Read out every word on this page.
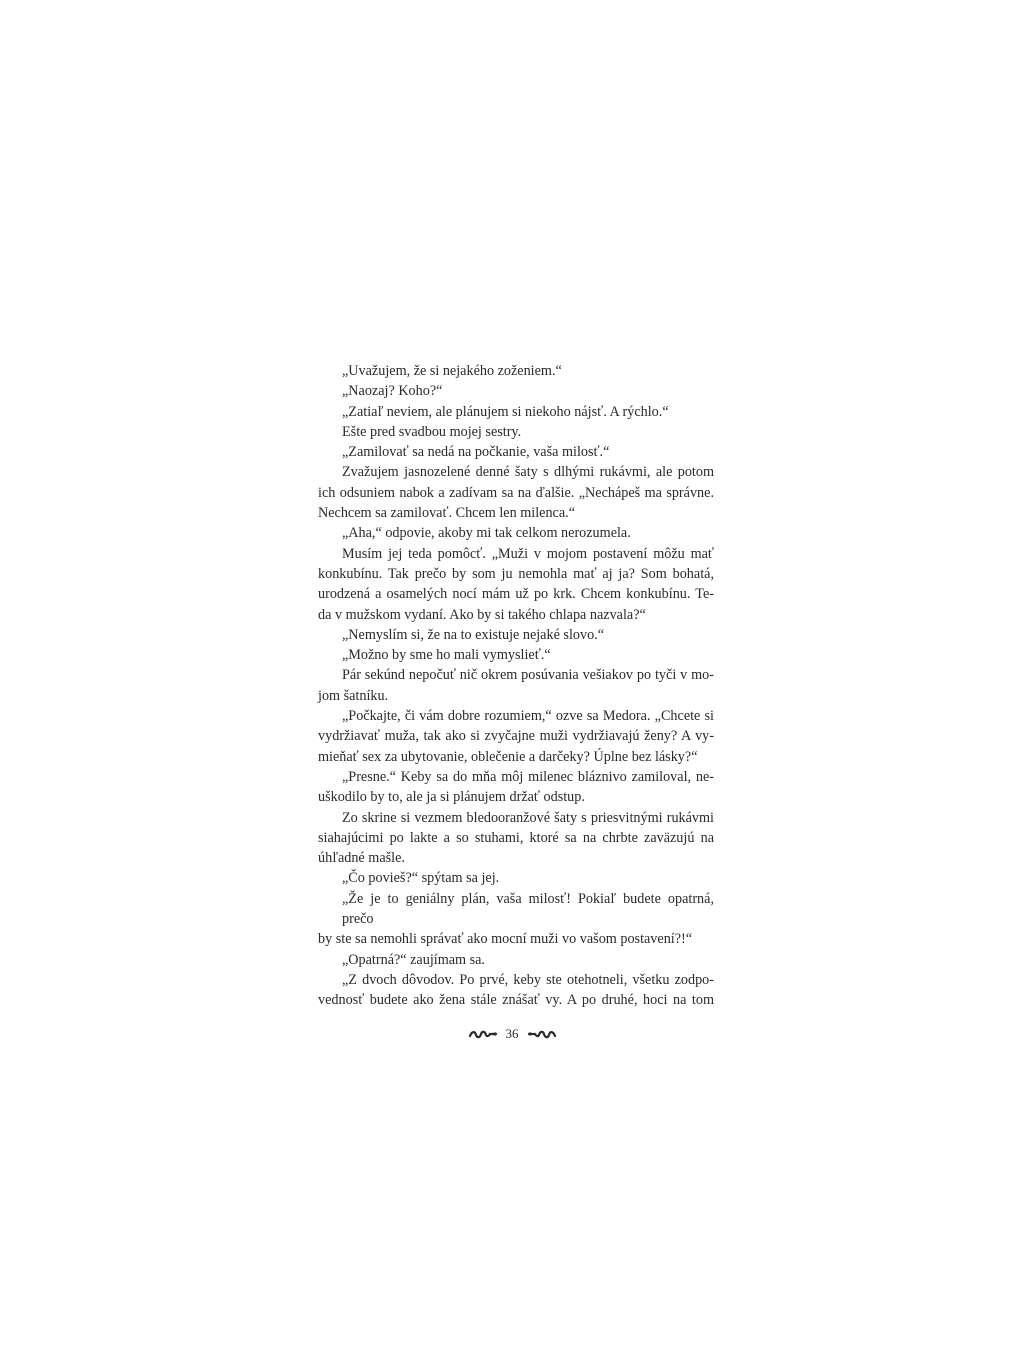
„Uvažujem, že si nejakého zoženiem.“
„Naozaj? Koho?“
„Zatiaľ neviem, ale plánujem si niekoho nájsť. A rýchlo.“
Ešte pred svadbou mojej sestry.
„Zamilovať sa nedá na počkanie, vaša milosť.“
Zvažujem jasnozelené denné šaty s dlhými rukávmi, ale potom
ich odsuniem nabok a zadívam sa na ďalšie. „Nechápeš ma správne.
Nechcem sa zamilovať. Chcem len milenca.“
„Aha,“ odpovie, akoby mi tak celkom nerozumela.
Musím jej teda pomôcť. „Muži v mojom postavení môžu mať
konkubínu. Tak prečo by som ju nemohla mať aj ja? Som bohatá,
urodzená a osamelých nocí mám už po krk. Chcem konkubínu. Te-
da v mužskom vydaní. Ako by si takého chlapa nazvala?“
„Nemyslím si, že na to existuje nejaké slovo.“
„Možno by sme ho mali vymyslieť.“
Pár sekúnd nepočuť nič okrem posúvania vešiakov po tyči v mo-
jom šatníku.
„Počkajte, či vám dobre rozumiem,“ ozve sa Medora. „Chcete si
vydržiavať muža, tak ako si zvyčajne muži vydržiavajú ženy? A vy-
mieňať sex za ubytovanie, oblečenie a darčeky? Úplne bez lásky?“
„Presne.“ Keby sa do mňa môj milenec bláznivo zamiloval, ne-
uškodilo by to, ale ja si plánujem držať odstup.
Zo skrine si vezmem bledooranžové šaty s priesvitnými rukávmi
siahajúcimi po lakte a so stuhami, ktoré sa na chrbte zaväzujú na
úhľadné mašle.
„Čo povieš?“ spýtam sa jej.
„Že je to geniálny plán, vaša milosť! Pokiaľ budete opatrná, prečo
by ste sa nemohli správať ako mocní muži vo vašom postavení?!“
„Opatrná?“ zaujímam sa.
„Z dvoch dôvodov. Po prvé, keby ste otehotneli, všetku zodpo-
vednosť budete ako žena stále znášať vy. A po druhé, hoci na tom
36
